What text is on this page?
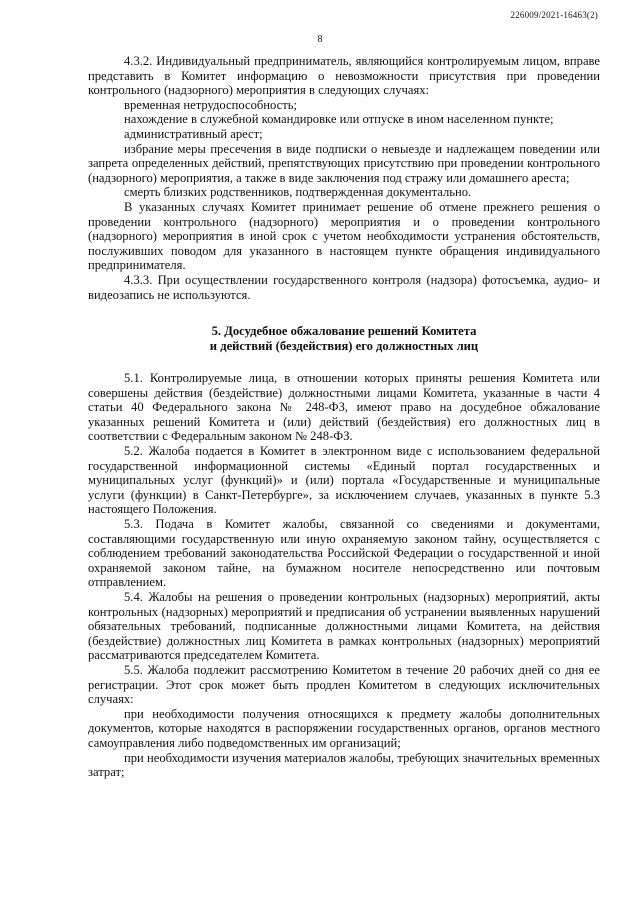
226009/2021-16463(2)
8

4.3.2. Индивидуальный предприниматель, являющийся контролируемым лицом, вправе представить в Комитет информацию о невозможности присутствия при проведении контрольного (надзорного) мероприятия в следующих случаях:

временная нетрудоспособность;

нахождение в служебной командировке или отпуске в ином населенном пункте;

административный арест;

избрание меры пресечения в виде подписки о невыезде и надлежащем поведении или запрета определенных действий, препятствующих присутствию при проведении контрольного (надзорного) мероприятия, а также в виде заключения под стражу или домашнего ареста;

смерть близких родственников, подтвержденная документально.

В указанных случаях Комитет принимает решение об отмене прежнего решения о проведении контрольного (надзорного) мероприятия и о проведении контрольного (надзорного) мероприятия в иной срок с учетом необходимости устранения обстоятельств, послуживших поводом для указанного в настоящем пункте обращения индивидуального предпринимателя.

4.3.3. При осуществлении государственного контроля (надзора) фотосъемка, аудио- и видеозапись не используются.

5. Досудебное обжалование решений Комитета
и действий (бездействия) его должностных лиц

5.1. Контролируемые лица, в отношении которых приняты решения Комитета или совершены действия (бездействие) должностными лицами Комитета, указанные в части 4 статьи 40 Федерального закона № 248-ФЗ, имеют право на досудебное обжалование указанных решений Комитета и (или) действий (бездействия) его должностных лиц в соответствии с Федеральным законом № 248-ФЗ.

5.2. Жалоба подается в Комитет в электронном виде с использованием федеральной государственной информационной системы «Единый портал государственных и муниципальных услуг (функций)» и (или) портала «Государственные и муниципальные услуги (функции) в Санкт-Петербурге», за исключением случаев, указанных в пункте 5.3 настоящего Положения.

5.3. Подача в Комитет жалобы, связанной со сведениями и документами, составляющими государственную или иную охраняемую законом тайну, осуществляется с соблюдением требований законодательства Российской Федерации о государственной и иной охраняемой законом тайне, на бумажном носителе непосредственно или почтовым отправлением.

5.4. Жалобы на решения о проведении контрольных (надзорных) мероприятий, акты контрольных (надзорных) мероприятий и предписания об устранении выявленных нарушений обязательных требований, подписанные должностными лицами Комитета, на действия (бездействие) должностных лиц Комитета в рамках контрольных (надзорных) мероприятий рассматриваются председателем Комитета.

5.5. Жалоба подлежит рассмотрению Комитетом в течение 20 рабочих дней со дня ее регистрации. Этот срок может быть продлен Комитетом в следующих исключительных случаях:

при необходимости получения относящихся к предмету жалобы дополнительных документов, которые находятся в распоряжении государственных органов, органов местного самоуправления либо подведомственных им организаций;

при необходимости изучения материалов жалобы, требующих значительных временных затрат;
